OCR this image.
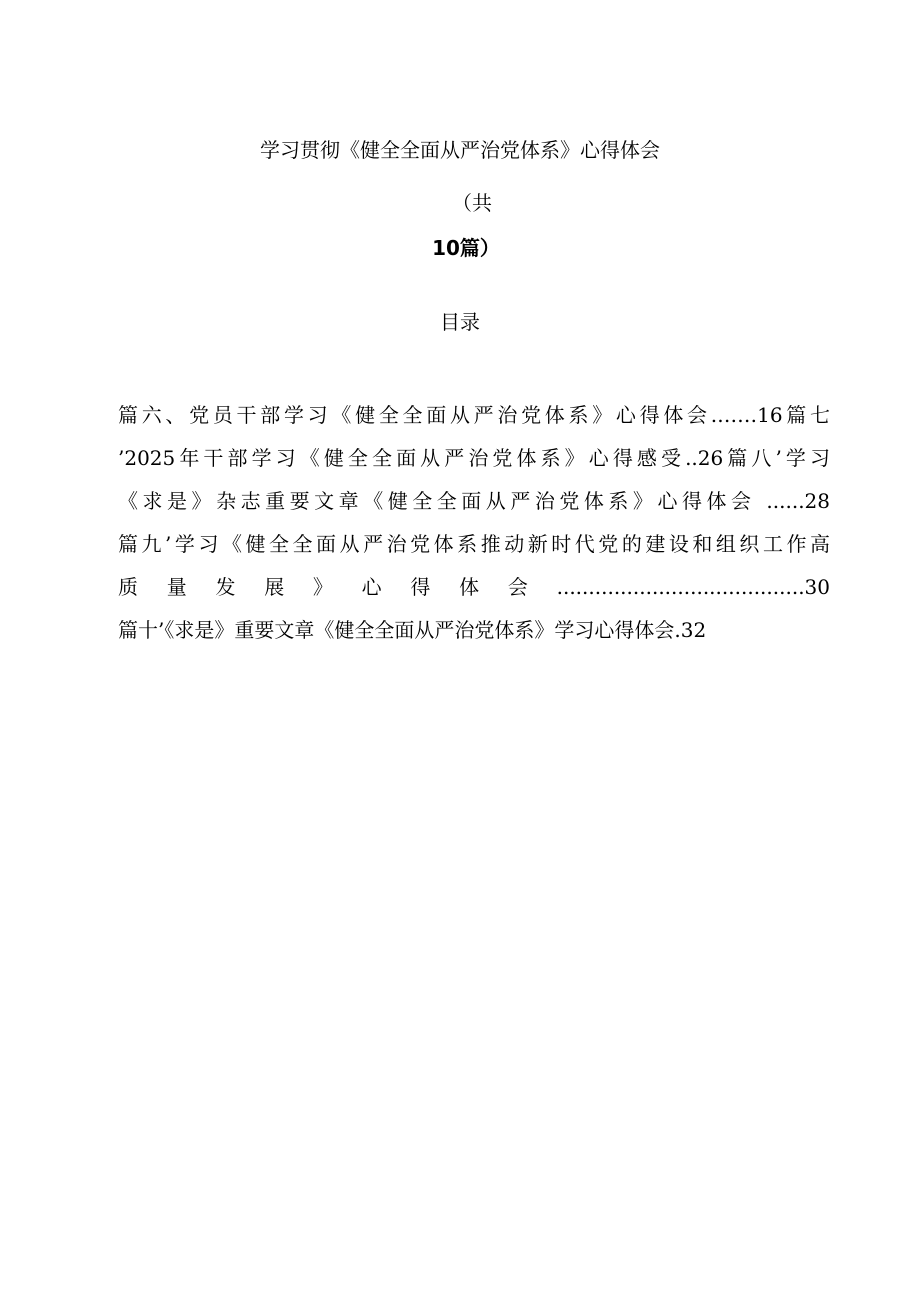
学习贯彻《健全全面从严治党体系》心得体会
（共
10篇）
目录
篇六、党员干部学习《健全全面从严治党体系》心得体会.……16篇七
’2025年干部学习《健全全面从严治党体系》心得感受..26篇八’学习
《求是》杂志重要文章《健全全面从严治党体系》心得体会 ......28
篇九’学习《健全全面从严治党体系推动新时代党的建设和组织工作高
质量发展》心得体会.......................................30
篇十’《求是》重要文章《健全全面从严治党体系》学习心得体会.32
